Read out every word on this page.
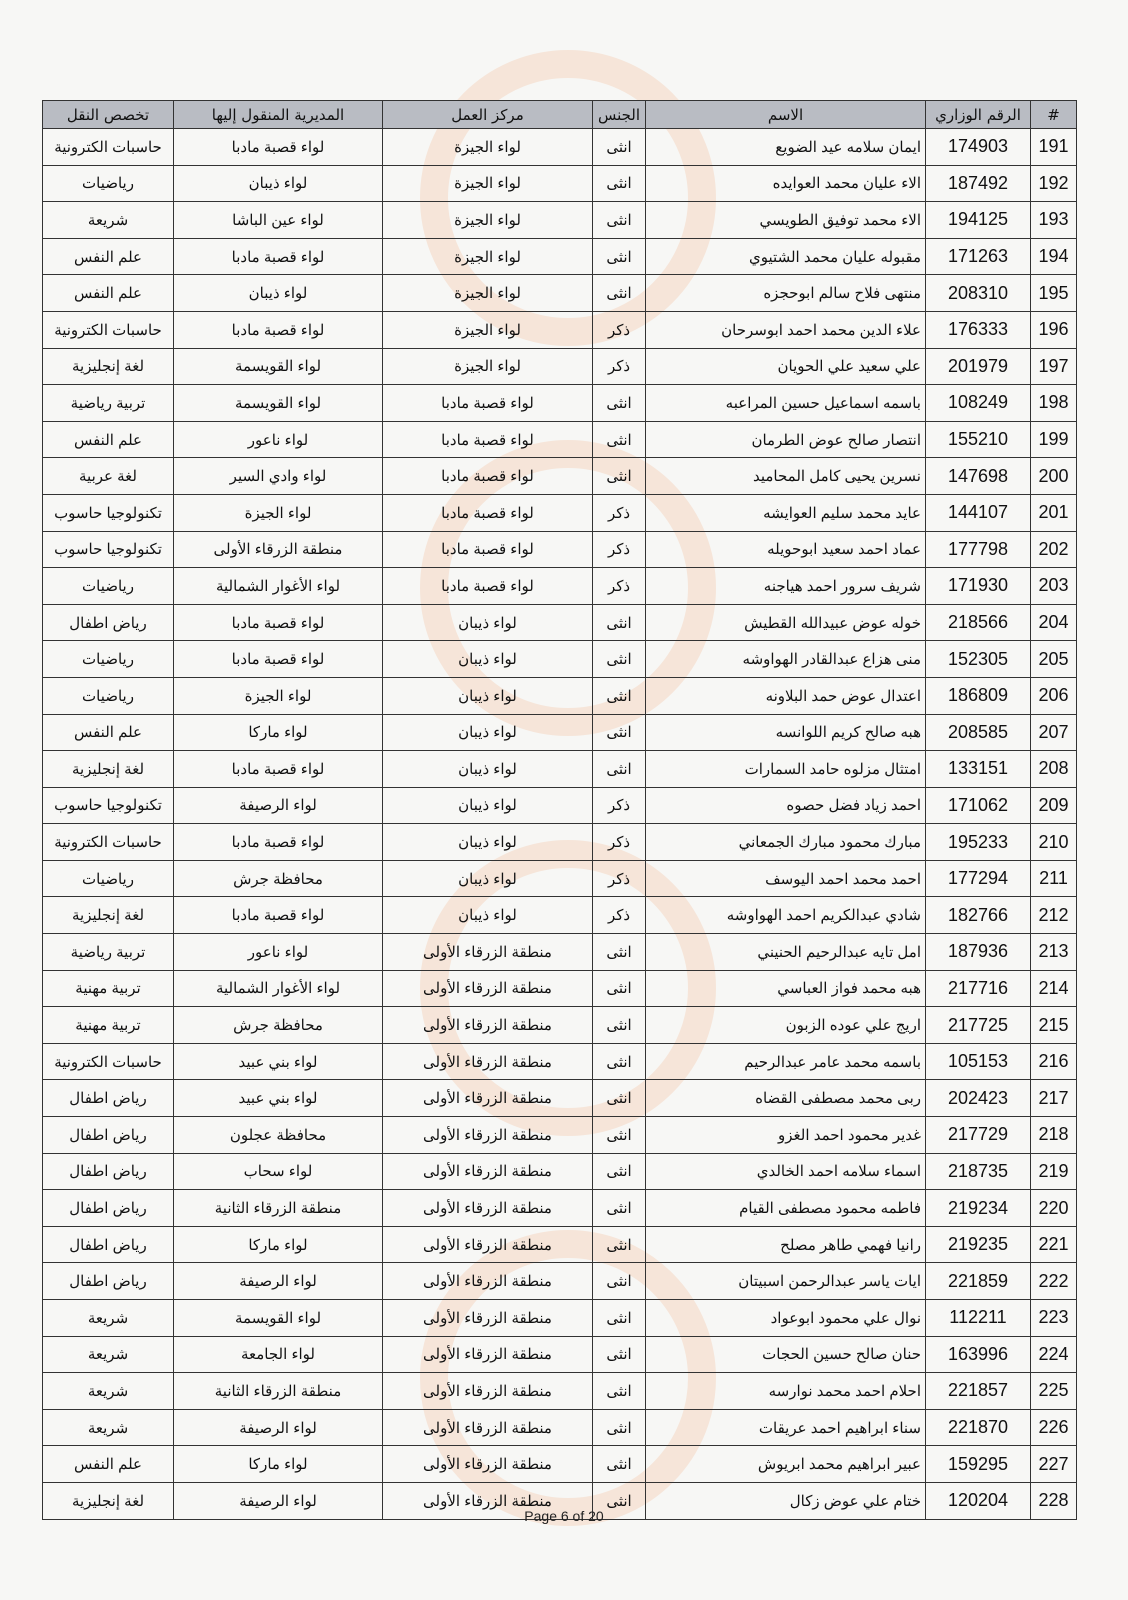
#	الرقم الوزاري	الاسم	الجنس	مركز العمل	المديرية المنقول إليها	تخصص النقل
191	174903	ايمان سلامه عيد الضويع	انثى	لواء الجيزة	لواء قصبة مادبا	حاسبات الكترونية
192	187492	الاء عليان محمد العوايده	انثى	لواء الجيزة	لواء ذيبان	رياضيات
193	194125	الاء محمد توفيق الطويسي	انثى	لواء الجيزة	لواء عين الباشا	شريعة
194	171263	مقبوله عليان محمد الشتيوي	انثى	لواء الجيزة	لواء قصبة مادبا	علم النفس
195	208310	منتهى فلاح سالم ابوحجزه	انثى	لواء الجيزة	لواء ذيبان	علم النفس
196	176333	علاء الدين محمد احمد ابوسرحان	ذكر	لواء الجيزة	لواء قصبة مادبا	حاسبات الكترونية
197	201979	علي سعيد علي الحويان	ذكر	لواء الجيزة	لواء القويسمة	لغة إنجليزية
198	108249	باسمه اسماعيل حسين المراعبه	انثى	لواء قصبة مادبا	لواء القويسمة	تربية رياضية
199	155210	انتصار صالح عوض الطرمان	انثى	لواء قصبة مادبا	لواء ناعور	علم النفس
200	147698	نسرين يحيى كامل المحاميد	انثى	لواء قصبة مادبا	لواء وادي السير	لغة عربية
201	144107	عايد محمد سليم العوايشه	ذكر	لواء قصبة مادبا	لواء الجيزة	تكنولوجيا حاسوب
202	177798	عماد احمد سعيد ابوحويله	ذكر	لواء قصبة مادبا	منطقة الزرقاء الأولى	تكنولوجيا حاسوب
203	171930	شريف سرور احمد هياجنه	ذكر	لواء قصبة مادبا	لواء الأغوار الشمالية	رياضيات
204	218566	خوله عوض عبيدالله القطيش	انثى	لواء ذيبان	لواء قصبة مادبا	رياض اطفال
205	152305	منى هزاع عبدالقادر الهواوشه	انثى	لواء ذيبان	لواء قصبة مادبا	رياضيات
206	186809	اعتدال عوض حمد البلاونه	انثى	لواء ذيبان	لواء الجيزة	رياضيات
207	208585	هبه صالح كريم اللوانسه	انثى	لواء ذيبان	لواء ماركا	علم النفس
208	133151	امتثال مزلوه حامد السمارات	انثى	لواء ذيبان	لواء قصبة مادبا	لغة إنجليزية
209	171062	احمد زياد فضل حصوه	ذكر	لواء ذيبان	لواء الرصيفة	تكنولوجيا حاسوب
210	195233	مبارك محمود مبارك الجمعاني	ذكر	لواء ذيبان	لواء قصبة مادبا	حاسبات الكترونية
211	177294	احمد محمد احمد اليوسف	ذكر	لواء ذيبان	محافظة جرش	رياضيات
212	182766	شادي عبدالكريم احمد الهواوشه	ذكر	لواء ذيبان	لواء قصبة مادبا	لغة إنجليزية
213	187936	امل تايه عبدالرحيم الحنيني	انثى	منطقة الزرقاء الأولى	لواء ناعور	تربية رياضية
214	217716	هبه محمد فواز العباسي	انثى	منطقة الزرقاء الأولى	لواء الأغوار الشمالية	تربية مهنية
215	217725	اريج علي عوده الزبون	انثى	منطقة الزرقاء الأولى	محافظة جرش	تربية مهنية
216	105153	باسمه محمد عامر عبدالرحيم	انثى	منطقة الزرقاء الأولى	لواء بني عبيد	حاسبات الكترونية
217	202423	ربى محمد مصطفى القضاه	انثى	منطقة الزرقاء الأولى	لواء بني عبيد	رياض اطفال
218	217729	غدير محمود احمد الغزو	انثى	منطقة الزرقاء الأولى	محافظة عجلون	رياض اطفال
219	218735	اسماء سلامه احمد الخالدي	انثى	منطقة الزرقاء الأولى	لواء سحاب	رياض اطفال
220	219234	فاطمه محمود مصطفى القيام	انثى	منطقة الزرقاء الأولى	منطقة الزرقاء الثانية	رياض اطفال
221	219235	رانيا فهمي طاهر مصلح	انثى	منطقة الزرقاء الأولى	لواء ماركا	رياض اطفال
222	221859	ايات ياسر عبدالرحمن اسبيتان	انثى	منطقة الزرقاء الأولى	لواء الرصيفة	رياض اطفال
223	112211	نوال علي محمود ابوعواد	انثى	منطقة الزرقاء الأولى	لواء القويسمة	شريعة
224	163996	حنان صالح حسين الحجات	انثى	منطقة الزرقاء الأولى	لواء الجامعة	شريعة
225	221857	احلام احمد محمد نوارسه	انثى	منطقة الزرقاء الأولى	منطقة الزرقاء الثانية	شريعة
226	221870	سناء ابراهيم احمد عريقات	انثى	منطقة الزرقاء الأولى	لواء الرصيفة	شريعة
227	159295	عبير ابراهيم محمد ابريوش	انثى	منطقة الزرقاء الأولى	لواء ماركا	علم النفس
228	120204	ختام علي عوض زكال	انثى	منطقة الزرقاء الأولى	لواء الرصيفة	لغة إنجليزية
Page 6 of 20
